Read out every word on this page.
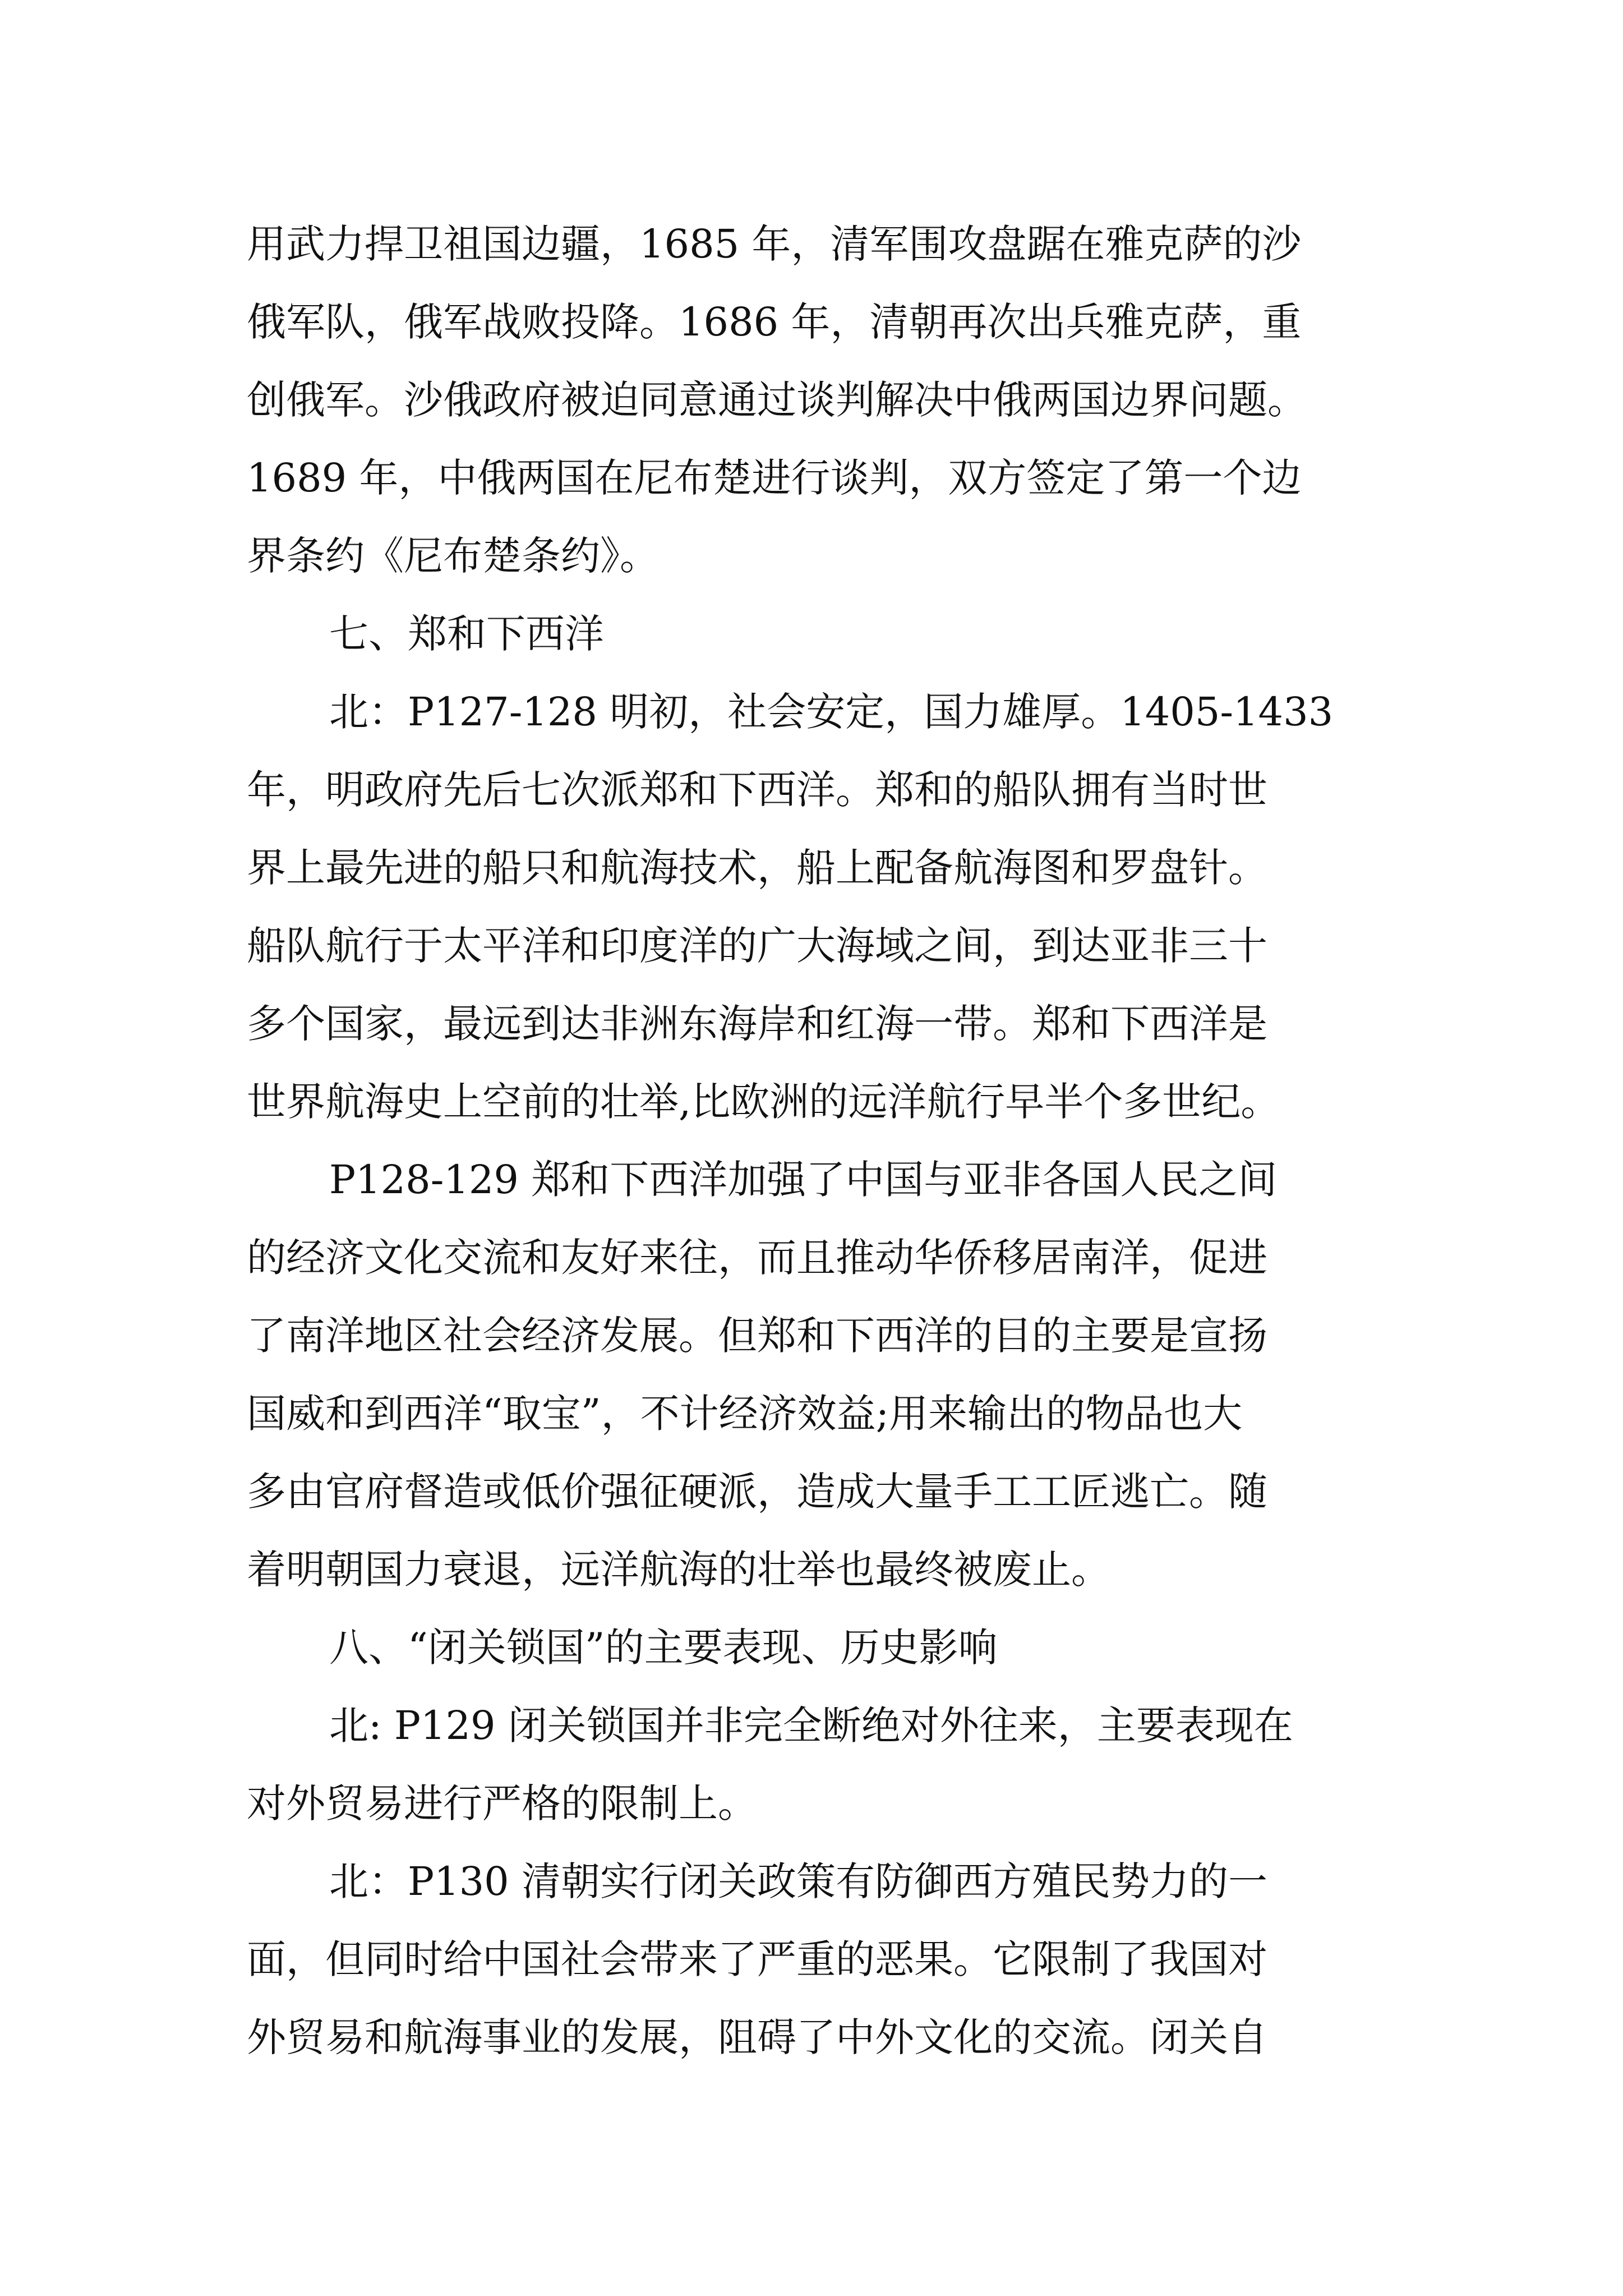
用武力捍卫祖国边疆，1685 年，清军围攻盘踞在雅克萨的沙
俄军队，俄军战败投降。1686 年，清朝再次出兵雅克萨，重
创俄军。沙俄政府被迫同意通过谈判解决中俄两国边界问题。
1689 年，中俄两国在尼布楚进行谈判，双方签定了第一个边
界条约《尼布楚条约》。
七、郑和下西洋
北：P127-128 明初，社会安定，国力雄厚。1405-1433
年，明政府先后七次派郑和下西洋。郑和的船队拥有当时世
界上最先进的船只和航海技术，船上配备航海图和罗盘针。
船队航行于太平洋和印度洋的广大海域之间，到达亚非三十
多个国家，最远到达非洲东海岸和红海一带。郑和下西洋是
世界航海史上空前的壮举,比欧洲的远洋航行早半个多世纪。
P128-129 郑和下西洋加强了中国与亚非各国人民之间
的经济文化交流和友好来往，而且推动华侨移居南洋，促进
了南洋地区社会经济发展。但郑和下西洋的目的主要是宣扬
国威和到西洋“取宝”，不计经济效益;用来输出的物品也大
多由官府督造或低价强征硬派，造成大量手工工匠逃亡。随
着明朝国力衰退，远洋航海的壮举也最终被废止。
八、“闭关锁国”的主要表现、历史影响
北: P129 闭关锁国并非完全断绝对外往来，主要表现在
对外贸易进行严格的限制上。
北：P130 清朝实行闭关政策有防御西方殖民势力的一
面，但同时给中国社会带来了严重的恶果。它限制了我国对
外贸易和航海事业的发展，阻碍了中外文化的交流。闭关自
